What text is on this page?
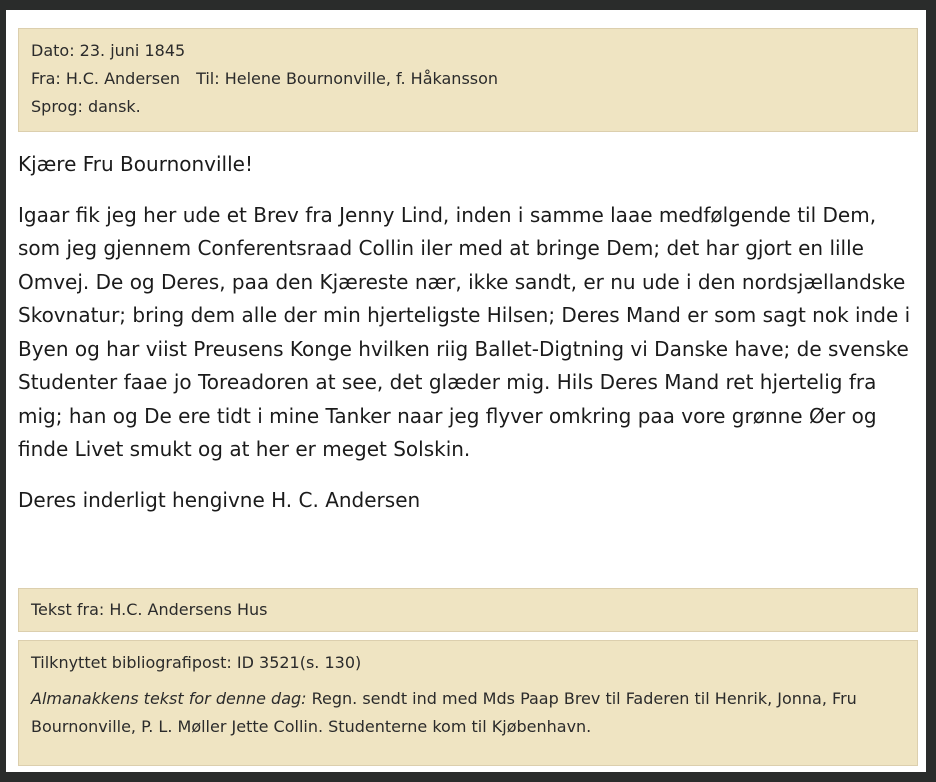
Dato: 23. juni 1845
Fra: H.C. Andersen Til: Helene Bournonville, f. Håkansson
Sprog: dansk.

Kjære Fru Bournonville!

Igaar fik jeg her ude et Brev fra Jenny Lind, inden i samme laae medfølgende til Dem, som jeg gjennem Conferentsraad Collin iler med at bringe Dem; det har gjort en lille Omvej. De og Deres, paa den Kjæreste nær, ikke sandt, er nu ude i den nordsjællandske Skovnatur; bring dem alle der min hjerteligste Hilsen; Deres Mand er som sagt nok inde i Byen og har viist Preusens Konge hvilken riig Ballet-Digtning vi Danske have; de svenske Studenter faae jo Toreadoren at see, det glæder mig. Hils Deres Mand ret hjertelig fra mig; han og De ere tidt i mine Tanker naar jeg flyver omkring paa vore grønne Øer og finde Livet smukt og at her er meget Solskin.

Deres inderligt hengivne H. C. Andersen

Tekst fra: H.C. Andersens Hus
Tilknyttet bibliografipost: ID 3521(s. 130)
Almanakkens tekst for denne dag: Regn. sendt ind med Mds Paap Brev til Faderen til Henrik, Jonna, Fru Bournonville, P. L. Møller Jette Collin. Studenterne kom til Kjøbenhavn.
